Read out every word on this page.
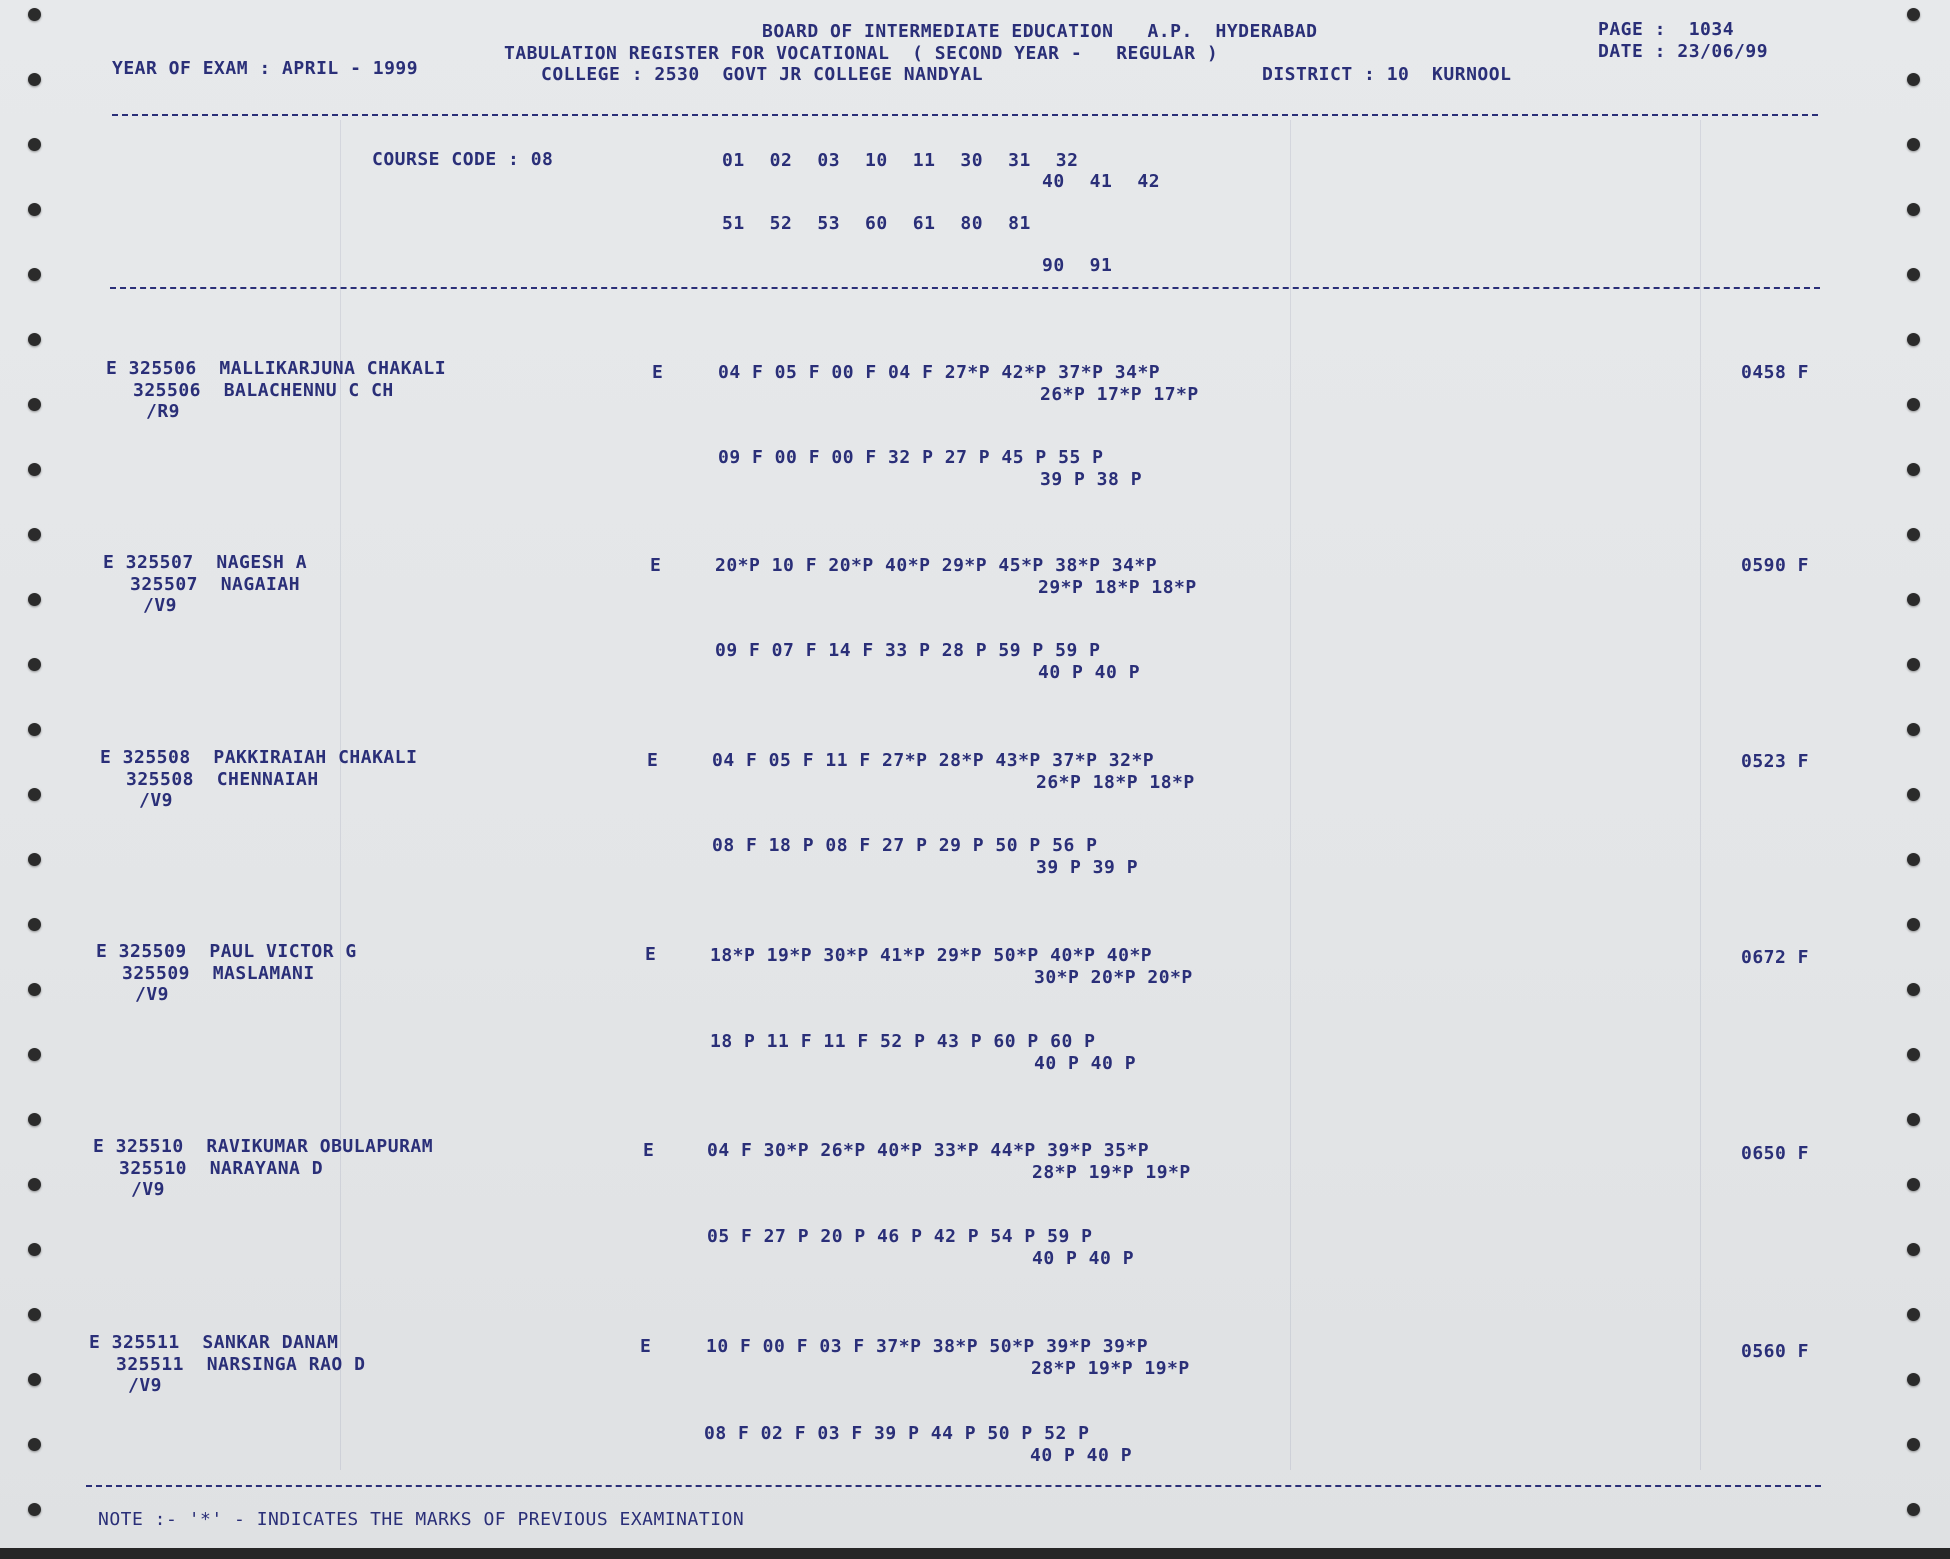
BOARD OF INTERMEDIATE EDUCATION   A.P.  HYDERABAD
TABULATION REGISTER FOR VOCATIONAL  ( SECOND YEAR -   REGULAR )
COLLEGE : 2530  GOVT JR COLLEGE NANDYAL	DISTRICT : 10  KURNOOL
YEAR OF EXAM : APRIL - 1999
PAGE :  1034
DATE : 23/06/99
COURSE CODE : 08	01   02   03   10   11   30   31   32
40   41   42
51   52   53   60   61   80   81
90   91
E 325506  MALLIKARJUNA CHAKALI
325506  BALACHENNU C CH
/R9
E	04 F 05 F 00 F 04 F 27*P 42*P 37*P 34*P
26*P 17*P 17*P
09 F 00 F 00 F 32 P 27 P 45 P 55 P
39 P 38 P
0458 F
E 325507  NAGESH A
325507  NAGAIAH
/V9
E	20*P 10 F 20*P 40*P 29*P 45*P 38*P 34*P
29*P 18*P 18*P
09 F 07 F 14 F 33 P 28 P 59 P 59 P
40 P 40 P
0590 F
E 325508  PAKKIRAIAH CHAKALI
325508  CHENNAIAH
/V9
E	04 F 05 F 11 F 27*P 28*P 43*P 37*P 32*P
26*P 18*P 18*P
08 F 18 P 08 F 27 P 29 P 50 P 56 P
39 P 39 P
0523 F
E 325509  PAUL VICTOR G
325509  MASLAMANI
/V9
E	18*P 19*P 30*P 41*P 29*P 50*P 40*P 40*P
30*P 20*P 20*P
18 P 11 F 11 F 52 P 43 P 60 P 60 P
40 P 40 P
0672 F
E 325510  RAVIKUMAR OBULAPURAM
325510  NARAYANA D
/V9
E	04 F 30*P 26*P 40*P 33*P 44*P 39*P 35*P
28*P 19*P 19*P
05 F 27 P 20 P 46 P 42 P 54 P 59 P
40 P 40 P
0650 F
E 325511  SANKAR DANAM
325511  NARSINGA RAO D
/V9
E	10 F 00 F 03 F 37*P 38*P 50*P 39*P 39*P
28*P 19*P 19*P
08 F 02 F 03 F 39 P 44 P 50 P 52 P
40 P 40 P
0560 F
NOTE :- '*' - INDICATES THE MARKS OF PREVIOUS EXAMINATION
